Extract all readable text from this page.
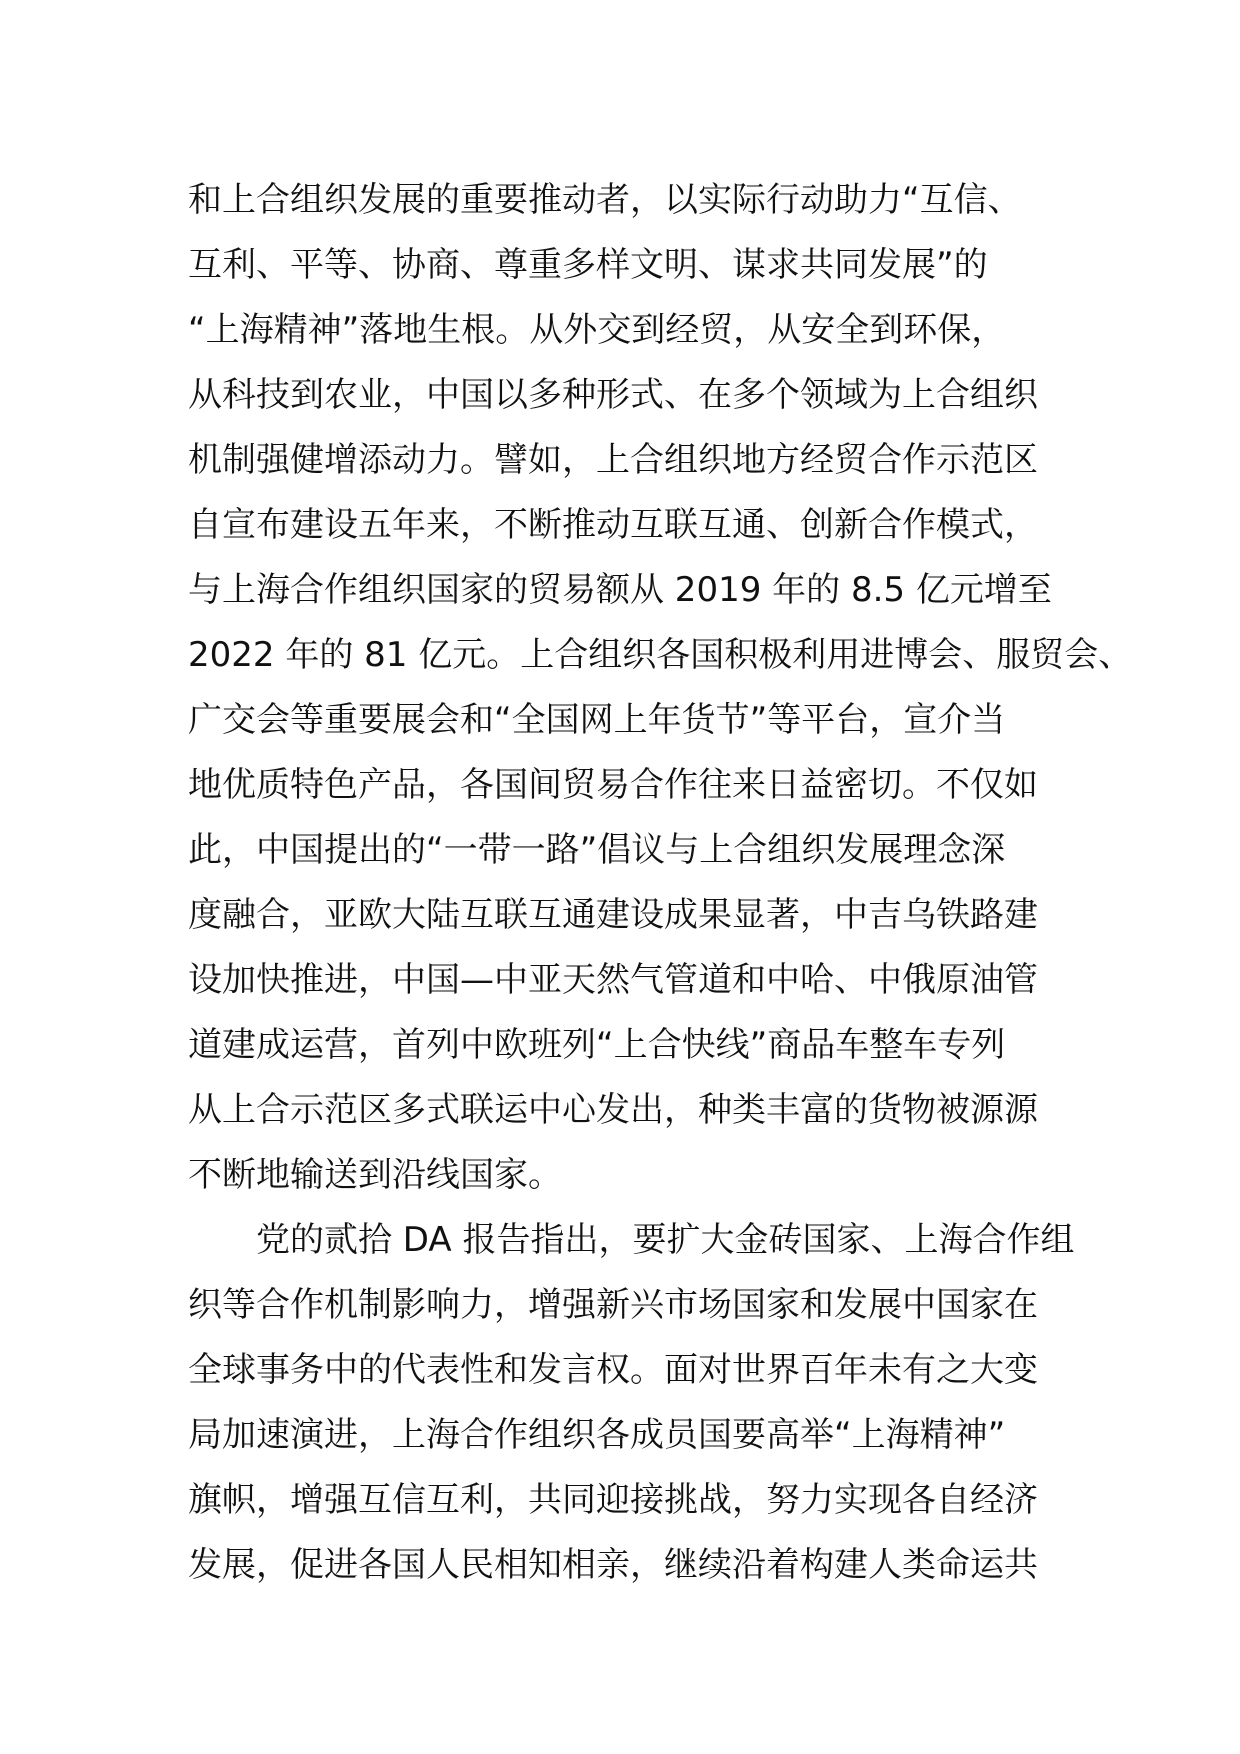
和上合组织发展的重要推动者，以实际行动助力“互信、
互利、平等、协商、尊重多样文明、谋求共同发展”的
“上海精神”落地生根。从外交到经贸，从安全到环保，
从科技到农业，中国以多种形式、在多个领域为上合组织
机制强健增添动力。譬如，上合组织地方经贸合作示范区
自宣布建设五年来，不断推动互联互通、创新合作模式，
与上海合作组织国家的贸易额从 2019 年的 8.5 亿元增至
2022 年的 81 亿元。上合组织各国积极利用进博会、服贸会、
广交会等重要展会和“全国网上年货节”等平台，宣介当
地优质特色产品，各国间贸易合作往来日益密切。不仅如
此，中国提出的“一带一路”倡议与上合组织发展理念深
度融合，亚欧大陆互联互通建设成果显著，中吉乌铁路建
设加快推进，中国—中亚天然气管道和中哈、中俄原油管
道建成运营，首列中欧班列“上合快线”商品车整车专列
从上合示范区多式联运中心发出，种类丰富的货物被源源
不断地输送到沿线国家。
党的贰拾 DA 报告指出，要扩大金砖国家、上海合作组
织等合作机制影响力，增强新兴市场国家和发展中国家在
全球事务中的代表性和发言权。面对世界百年未有之大变
局加速演进，上海合作组织各成员国要高举“上海精神”
旗帜，增强互信互利，共同迎接挑战，努力实现各自经济
发展，促进各国人民相知相亲，继续沿着构建人类命运共
